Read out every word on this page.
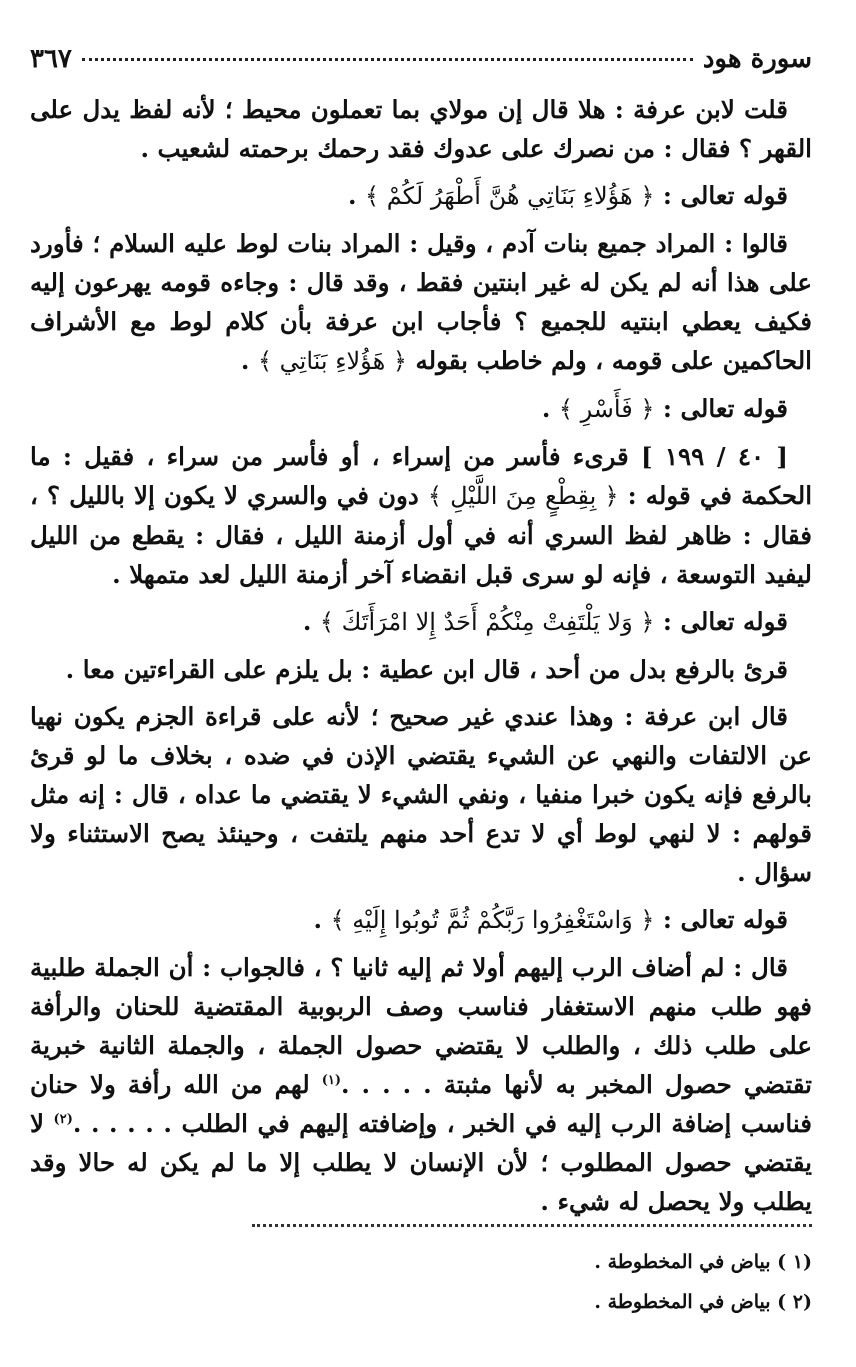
سورة هود
٣٦٧

قلت لابن عرفة : هلا قال إن مولاي بما تعملون محيط ؛ لأنه لفظ يدل على القهر ؟ فقال : من نصرك على عدوك فقد رحمك برحمته لشعيب .

قوله تعالى : ﴿ هَؤُلاءِ بَنَاتِي هُنَّ أَطْهَرُ لَكُمْ ﴾ .

قالوا : المراد جميع بنات آدم ، وقيل : المراد بنات لوط عليه السلام ؛ فأورد على هذا أنه لم يكن له غير ابنتين فقط ، وقد قال : وجاءه قومه يهرعون إليه فكيف يعطي ابنتيه للجميع ؟ فأجاب ابن عرفة بأن كلام لوط مع الأشراف الحاكمين على قومه ، ولم خاطب بقوله ﴿ هَؤُلاءِ بَنَاتِي ﴾ .

قوله تعالى : ﴿ فَأَسْرِ ﴾ .

[ ٤٠ / ١٩٩ ] قرىء فأسر من إسراء ، أو فأسر من سراء ، فقيل : ما الحكمة في قوله : ﴿ بِقِطْعٍ مِنَ اللَّيْلِ ﴾ دون في والسري لا يكون إلا بالليل ؟ ، فقال : ظاهر لفظ السري أنه في أول أزمنة الليل ، فقال : يقطع من الليل ليفيد التوسعة ، فإنه لو سرى قبل انقضاء آخر أزمنة الليل لعد متمهلا .

قوله تعالى : ﴿ وَلا يَلْتَفِتْ مِنْكُمْ أَحَدٌ إِلا امْرَأَتَكَ ﴾ .

قرئ بالرفع بدل من أحد ، قال ابن عطية : بل يلزم على القراءتين معا .

قال ابن عرفة : وهذا عندي غير صحيح ؛ لأنه على قراءة الجزم يكون نهيا عن الالتفات والنهي عن الشيء يقتضي الإذن في ضده ، بخلاف ما لو قرئ بالرفع فإنه يكون خبرا منفيا ، ونفي الشيء لا يقتضي ما عداه ، قال : إنه مثل قولهم : لا لنهي لوط أي لا تدع أحد منهم يلتفت ، وحينئذ يصح الاستثناء ولا سؤال .

قوله تعالى : ﴿ وَاسْتَغْفِرُوا رَبَّكُمْ ثُمَّ تُوبُوا إِلَيْهِ ﴾ .

قال : لم أضاف الرب إليهم أولا ثم إليه ثانيا ؟ ، فالجواب : أن الجملة طلبية فهو طلب منهم الاستغفار فناسب وصف الربوبية المقتضية للحنان والرأفة على طلب ذلك ، والطلب لا يقتضي حصول الجملة ، والجملة الثانية خبرية تقتضي حصول المخبر به لأنها مثبتة . . . . .$^{(١)}$ لهم من الله رأفة ولا حنان فناسب إضافة الرب إليه في الخبر ، وإضافته إليهم في الطلب . . . . . .$^{(٢)}$ لا يقتضي حصول المطلوب ؛ لأن الإنسان لا يطلب إلا ما لم يكن له حالا وقد يطلب ولا يحصل له شيء .

(١ ) بياض في المخطوطة .

(٢ ) بياض في المخطوطة .
